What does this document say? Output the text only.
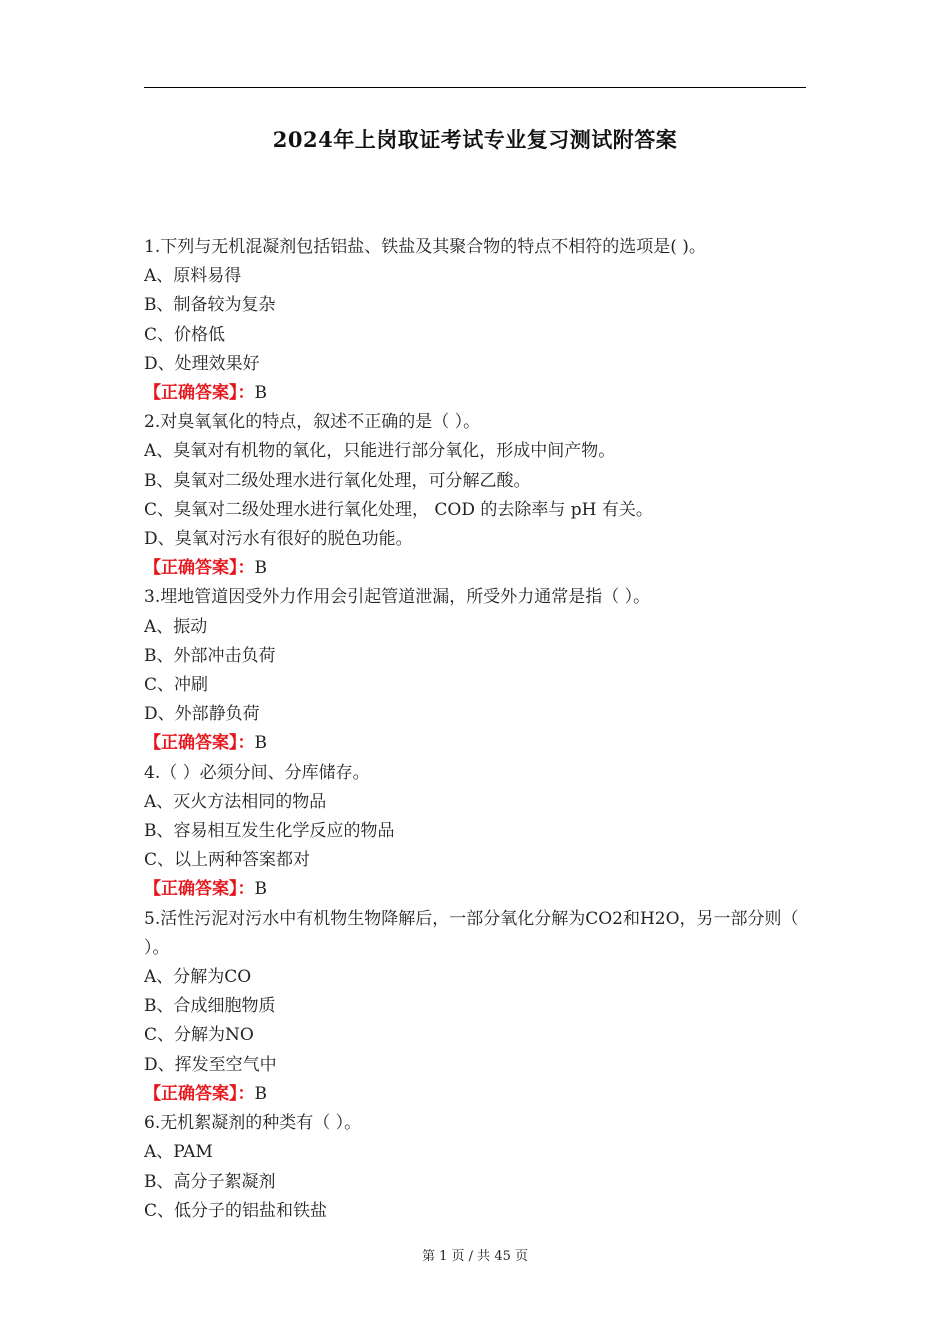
2024年上岗取证考试专业复习测试附答案
1.下列与无机混凝剂包括铝盐、铁盐及其聚合物的特点不相符的选项是( )。
A、原料易得
B、制备较为复杂
C、价格低
D、处理效果好
【正确答案】：B
2.对臭氧氧化的特点，叙述不正确的是（ ）。
A、臭氧对有机物的氧化，只能进行部分氧化，形成中间产物。
B、臭氧对二级处理水进行氧化处理，可分解乙酸。
C、臭氧对二级处理水进行氧化处理， COD 的去除率与 pH 有关。
D、臭氧对污水有很好的脱色功能。
【正确答案】：B
3.埋地管道因受外力作用会引起管道泄漏，所受外力通常是指（ ）。
A、振动
B、外部冲击负荷
C、冲刷
D、外部静负荷
【正确答案】：B
4.（ ）必须分间、分库储存。
A、灭火方法相同的物品
B、容易相互发生化学反应的物品
C、以上两种答案都对
【正确答案】：B
5.活性污泥对污水中有机物生物降解后，一部分氧化分解为CO2和H2O，另一部分则（ ）。
A、分解为CO
B、合成细胞物质
C、分解为NO
D、挥发至空气中
【正确答案】：B
6.无机絮凝剂的种类有（ ）。
A、PAM
B、高分子絮凝剂
C、低分子的铝盐和铁盐
第 1 页 / 共 45 页
